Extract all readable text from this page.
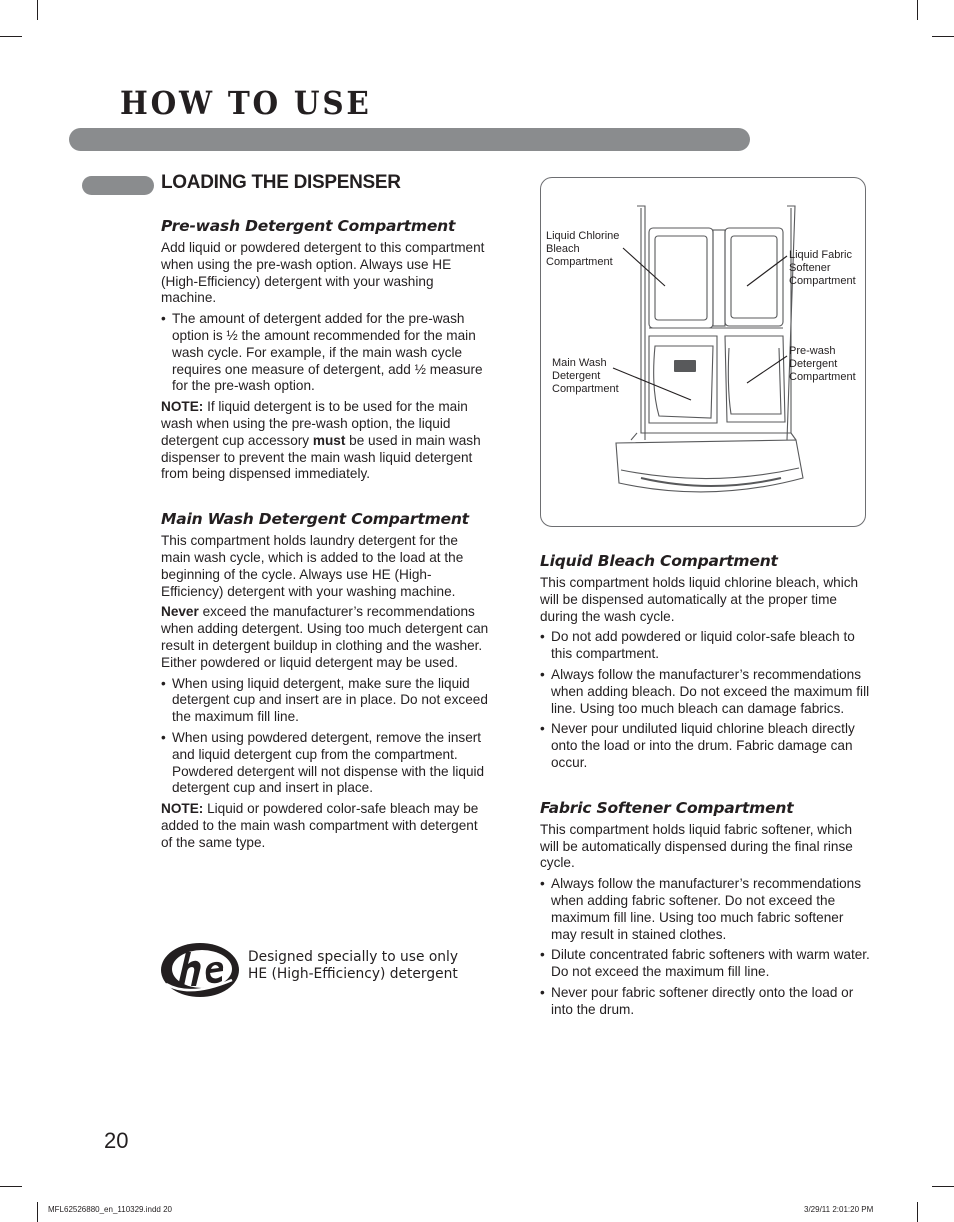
HOW TO USE
LOADING THE DISPENSER
Pre-wash Detergent Compartment

Add liquid or powdered detergent to this compartment when using the pre-wash option. Always use HE (High-Efficiency) detergent with your washing machine.

• The amount of detergent added for the pre-wash option is ½ the amount recommended for the main wash cycle. For example, if the main wash cycle requires one measure of detergent, add ½ measure for the pre-wash option.

NOTE: If liquid detergent is to be used for the main wash when using the pre-wash option, the liquid detergent cup accessory must be used in main wash dispenser to prevent the main wash liquid detergent from being dispensed immediately.

Main Wash Detergent Compartment

This compartment holds laundry detergent for the main wash cycle, which is added to the load at the beginning of the cycle. Always use HE (High-Efficiency) detergent with your washing machine.

Never exceed the manufacturer’s recommendations when adding detergent. Using too much detergent can result in detergent buildup in clothing and the washer. Either powdered or liquid detergent may be used.

• When using liquid detergent, make sure the liquid detergent cup and insert are in place. Do not exceed the maximum fill line.
• When using powdered detergent, remove the insert and liquid detergent cup from the compartment. Powdered detergent will not dispense with the liquid detergent cup and insert in place.

NOTE: Liquid or powdered color-safe bleach may be added to the main wash compartment with detergent of the same type.

Designed specially to use only
HE (High-Efficiency) detergent
Liquid Chlorine Bleach Compartment
Liquid Fabric Softener Compartment
Main Wash Detergent Compartment
Pre-wash Detergent Compartment
Liquid Bleach Compartment

This compartment holds liquid chlorine bleach, which will be dispensed automatically at the proper time during the wash cycle.

• Do not add powdered or liquid color-safe bleach to this compartment.
• Always follow the manufacturer’s recommendations when adding bleach. Do not exceed the maximum fill line. Using too much bleach can damage fabrics.
• Never pour undiluted liquid chlorine bleach directly onto the load or into the drum. Fabric damage can occur.
Fabric Softener Compartment

This compartment holds liquid fabric softener, which will be automatically dispensed during the final rinse cycle.

• Always follow the manufacturer’s recommendations when adding fabric softener. Do not exceed the maximum fill line. Using too much fabric softener may result in stained clothes.
• Dilute concentrated fabric softeners with warm water. Do not exceed the maximum fill line.
• Never pour fabric softener directly onto the load or into the drum.
20
MFL62526880_en_110329.indd 20	3/29/11 2:01:20 PM
